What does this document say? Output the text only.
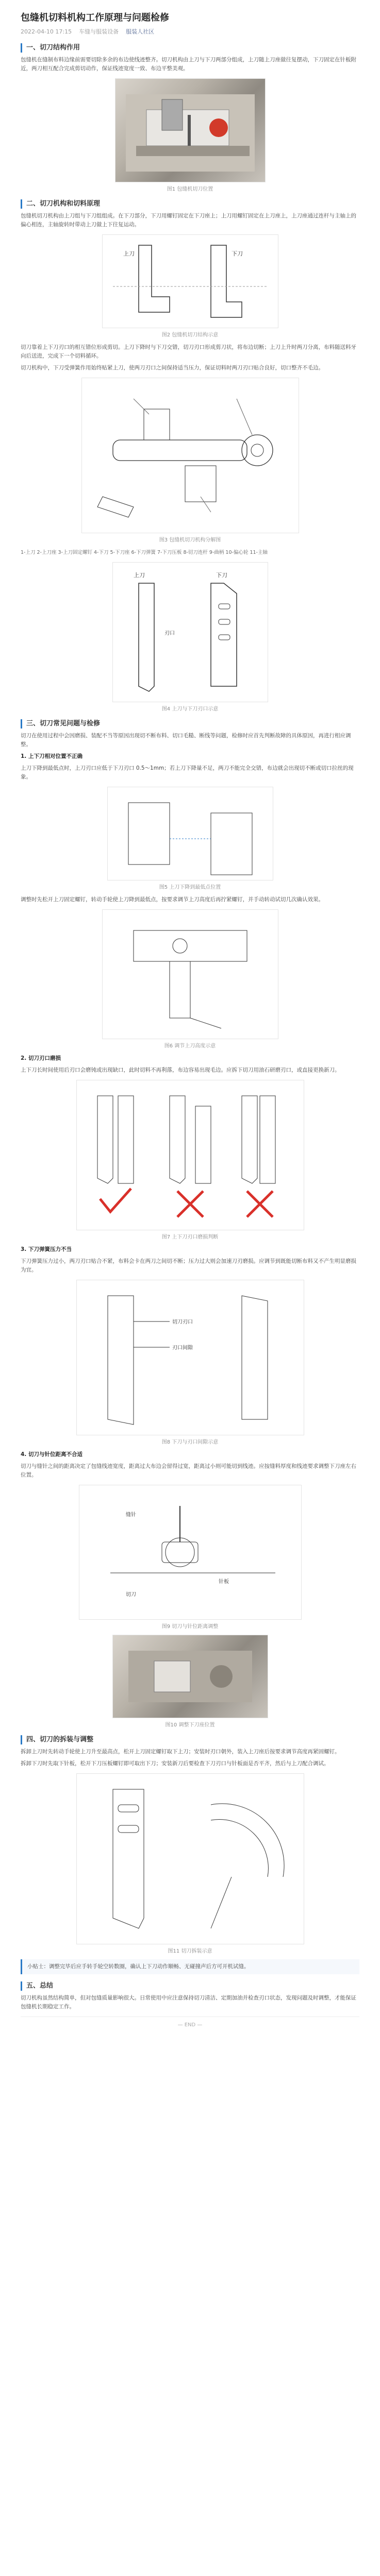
包缝机切料机构工作原理与问题检修
2022-04-10 17:15 车缝与服装设备 服装人社区
一、切刀结构作用
包缝机在缝制布料边缘前需要切除多余的布边使线迹整齐。切刀机构由上刀与下刀两部分组成，上刀随上刀座做往复摆动，下刀固定在针板附近，两刀相互配合完成剪切动作，保证线迹宽度一致、布边平整美观。
图1 包缝机切刀位置
二、切刀机构和切料原理
包缝机切刀机构由上刀组与下刀组组成。在下刀部分，下刀用螺钉固定在下刀座上；上刀用螺钉固定在上刀座上，上刀座通过连杆与主轴上的偏心相连，主轴旋转时带动上刀做上下往复运动。
上刀	下刀
图2 包缝机切刀结构示意
切刀靠着上下刀刃口的相互错位形成剪切。上刀下降时与下刀交错，切刀刃口形成剪刀状，将布边切断；上刀上升时两刀分离，布料随送料牙向后送进，完成下一个切料循环。
切刀机构中，下刀受弹簧作用始终贴紧上刀，使两刀刃口之间保持适当压力，保证切料时两刀刃口贴合良好，切口整齐不毛边。
图3 包缝机切刀机构分解图
1-上刀 2-上刀座 3-上刀固定螺钉 4-下刀 5-下刀座 6-下刀弹簧 7-下刀压板 8-切刀连杆 9-曲柄 10-偏心轮 11-主轴
上刀	下刀
刃口
图4 上刀与下刀刃口示意
三、切刀常见问题与检修
切刀在使用过程中会因磨损、装配不当等原因出现切不断布料、切口毛糙、断线等问题，检修时应首先判断故障的具体原因，再进行相应调整。
1. 上下刀相对位置不正确
上刀下降到最低点时，上刀刃口应低于下刀刃口 0.5～1mm；若上刀下降量不足，两刀不能完全交错，布边就会出现切不断或切口拉丝的现象。
图5 上刀下降到最低点位置
调整时先松开上刀固定螺钉，转动手轮使上刀降到最低点，按要求调节上刀高度后再拧紧螺钉，并手动转动试切几次确认效果。
图6 调节上刀高度示意
2. 切刀刃口磨损
上下刀长时间使用后刃口会磨钝或出现缺口，此时切料不再利落，布边容易出现毛边。应拆下切刀用油石研磨刃口，或直接更换新刀。
图7 上下刀刃口磨损判断
3. 下刀弹簧压力不当
下刀弹簧压力过小，两刀刃口贴合不紧，布料会卡在两刀之间切不断；压力过大则会加速刀刃磨损。应调节到既能切断布料又不产生明显磨损为宜。
切刀刃口
刃口间隙
图8 下刀与刃口间隙示意
4. 切刀与针位距离不合适
切刀与缝针之间的距离决定了包缝线迹宽度，距离过大布边会留得过宽，距离过小则可能切到线迹。应按缝料厚度和线迹要求调整下刀座左右位置。
缝针
针板
切刀
图9 切刀与针位距离调整
图10 调整下刀座位置
四、切刀的拆装与调整
拆卸上刀时先转动手轮使上刀升至最高点，松开上刀固定螺钉取下上刀；安装时刃口朝外，装入上刀座后按要求调节高度再紧固螺钉。
拆卸下刀时先取下针板，松开下刀压板螺钉即可取出下刀；安装新刀后要检查下刀刃口与针板面是否平齐，然后与上刀配合调试。
图11 切刀拆装示意
小贴士：调整完毕后应手转手轮空转数圈，确认上下刀动作顺畅、无碰撞声后方可开机试缝。
五、总结
切刀机构虽然结构简单，但对包缝质量影响很大。日常使用中应注意保持切刀清洁、定期加油并检查刃口状态，发现问题及时调整，才能保证包缝机长期稳定工作。
— END —
